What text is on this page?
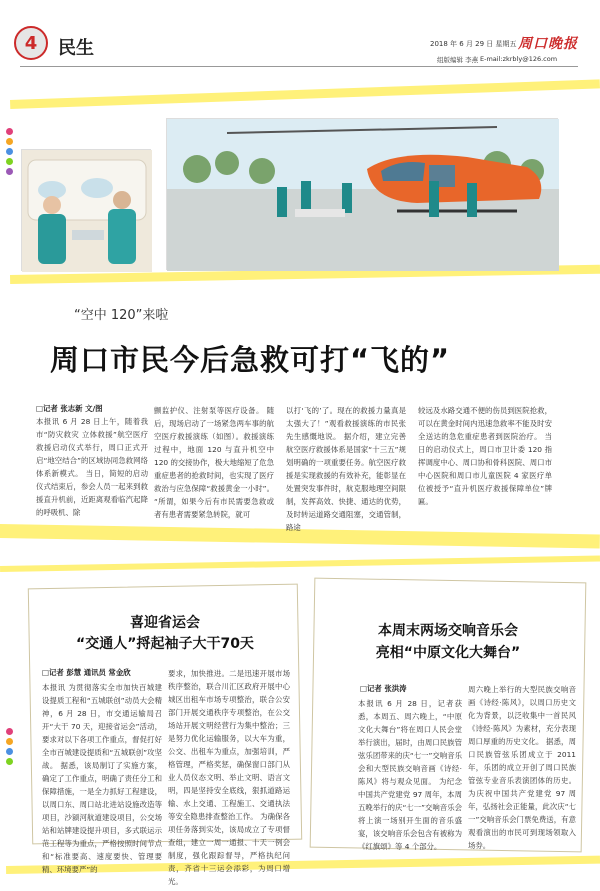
4 民生	2018 年 6 月 29 日 星期五 周口晚报
组版编辑 李燕 E-mail:zkrbly@126.com
“空中 120”来啦
周口市民今后急救可打“飞的”
□记者 张志新 文/图
本报讯 6 月 28 日上午，随着我市“防灾救灾 立体救援”航空医疗救援启动仪式举行，周口正式开启“地空结合”的区域协同急救网络体系新模式。 当日，简短的启动仪式结束后，参会人员一起来到救援直升机前，近距离观看临汽起降的呼吸机、除
颤监护仪、注射泵等医疗设备。 随后，现场启动了一场紧急两车事的航空医疗救援演练（如图）。救援演练过程中，地面 120 与直升机空中 120 的交接协作，极大地缩短了危急重症患者的抢救时间，也实现了医疗救治与应急保障“救援黄金一小时”。 “所谓，如果今后有市民需要急救或者有患者需要紧急转院，就可
以打‘飞的’了。现在的救援力量真是太强大了！”观看救援演练的市民张先生感慨地说。 据介绍，建立完善航空医疗救援体系是国家“十三五”规划明确的一项重要任务。航空医疗救援是实现救援的有效补充，能彰显在处置突发事件时，航克服地理空间限制，发挥高效、快捷、通达的优势，及时转运道路交通阻塞，交通管制，路途
较远及水路交通不便的伤员到医院抢救，可以在黄金时间内迅速急救率不能及时安全送达的急危重症患者到医院治疗。 当日的启动仪式上，周口市卫计委 120 指挥调度中心、周口协和骨科医院、周口市中心医院和周口市儿童医院 4 家医疗单位被授予“直升机医疗救援保障单位”牌匾。
喜迎省运会
“交通人”捋起袖子大干70天
□记者 彭慧 通讯员 常金欣
本报讯 为贯彻落实全市加快百城建设提质工程和“五城联创”动员大会精神，6 月 28 日，市交通运输局召开“大干 70 天，迎接省运会”活动，要求对以下各项工作重点，督促打好全市百城建设提质和“五城联创”攻坚战。 据悉，该局制订了实施方案，确定了工作重点，明确了责任分工和保障措施，一是全力抓好工程建设，以周口东、周口站北进站设施改造等项目，沙颍河航道建设项目，公交场站和站牌建设提升项目，多式联运示范工程等为重点，严格按照时间节点和“标准要高、速度要快、管理要精、环境要严”的
要求，加快推进。二是迅速开展市场秩序整治，联合川汇区政府开展中心城区出租车市场专项整治，联合公安部门开展交通秩序专项整治，在公交场站开展文明经营行为集中整治；三是努力优化运输服务，以大车为重，公交、出租车为重点，加强培训，严格管理，严格奖惩，确保窗口部门从业人员仪态文明、举止文明、语言文明，四是坚持安全底线，狠抓道路运输、水上交通、工程施工、交通执法等安全隐患排查整治工作。 为确保各项任务落到实处，该局成立了专项督查组，建立一周一通报、十天一例会制度，强化跟踪督导，严格执纪问责，齐省十三运会添彩，为周口增光。
本周末两场交响音乐会
亮相“中原文化大舞台”
□记者 张洪涛
本报讯 6 月 28 日，记者获悉，本周五、周六晚上，“中原文化大舞台”将在周口人民会堂举行演出，届时，由周口民族管弦乐团带来的庆“七一”交响音乐会和大型民族交响音画《诗经·陈风》将与观众见面。 为纪念中国共产党建党 97 周年，本周五晚举行的庆“七一”交响音乐会将上演一场别开生面的音乐盛宴，该交响音乐会包含有被称为《红旗颂》等 4 个部分。
周六晚上举行的大型民族交响音画《诗经·陈风》，以周口历史文化为背景，以泛收集中一首民风《诗经·陈风》为素材，充分表现周口厚重的历史文化。 据悉，周口民族管弦乐团成立于 2011 年，乐团的成立开创了周口民族管弦专业音乐表演团体的历史。为庆祝中国共产党建党 97 周年，弘扬社会正能量，此次庆“七一”交响音乐会门票免费送，有意观看演出的市民可到现场领取入场券。
